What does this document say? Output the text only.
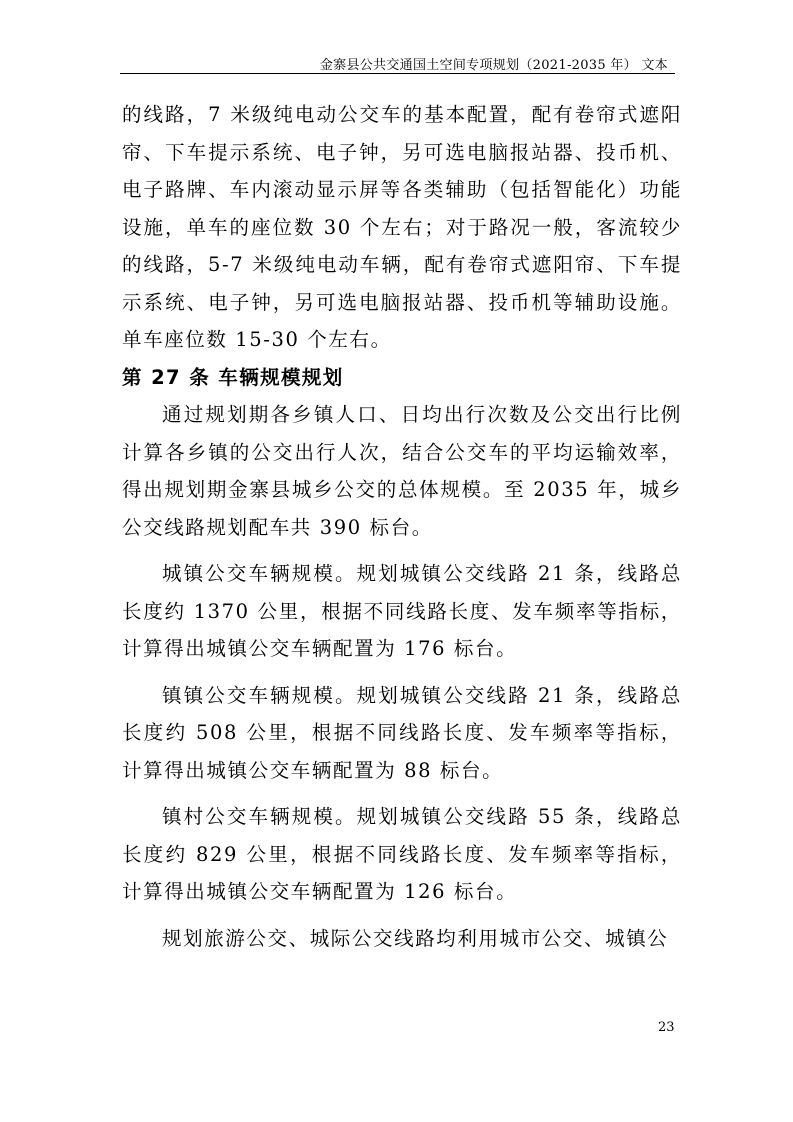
金寨县公共交通国土空间专项规划（2021-2035 年） 文本

的线路，7 米级纯电动公交车的基本配置，配有卷帘式遮阳帘、下车提示系统、电子钟，另可选电脑报站器、投币机、电子路牌、车内滚动显示屏等各类辅助（包括智能化）功能设施，单车的座位数 30 个左右；对于路况一般，客流较少的线路，5-7 米级纯电动车辆，配有卷帘式遮阳帘、下车提示系统、电子钟，另可选电脑报站器、投币机等辅助设施。单车座位数 15-30 个左右。

第 27 条 车辆规模规划

通过规划期各乡镇人口、日均出行次数及公交出行比例计算各乡镇的公交出行人次，结合公交车的平均运输效率，得出规划期金寨县城乡公交的总体规模。至 2035 年，城乡公交线路规划配车共 390 标台。

城镇公交车辆规模。规划城镇公交线路 21 条，线路总长度约 1370 公里，根据不同线路长度、发车频率等指标，计算得出城镇公交车辆配置为 176 标台。

镇镇公交车辆规模。规划城镇公交线路 21 条，线路总长度约 508 公里，根据不同线路长度、发车频率等指标，计算得出城镇公交车辆配置为 88 标台。

镇村公交车辆规模。规划城镇公交线路 55 条，线路总长度约 829 公里，根据不同线路长度、发车频率等指标，计算得出城镇公交车辆配置为 126 标台。

规划旅游公交、城际公交线路均利用城市公交、城镇公

23
